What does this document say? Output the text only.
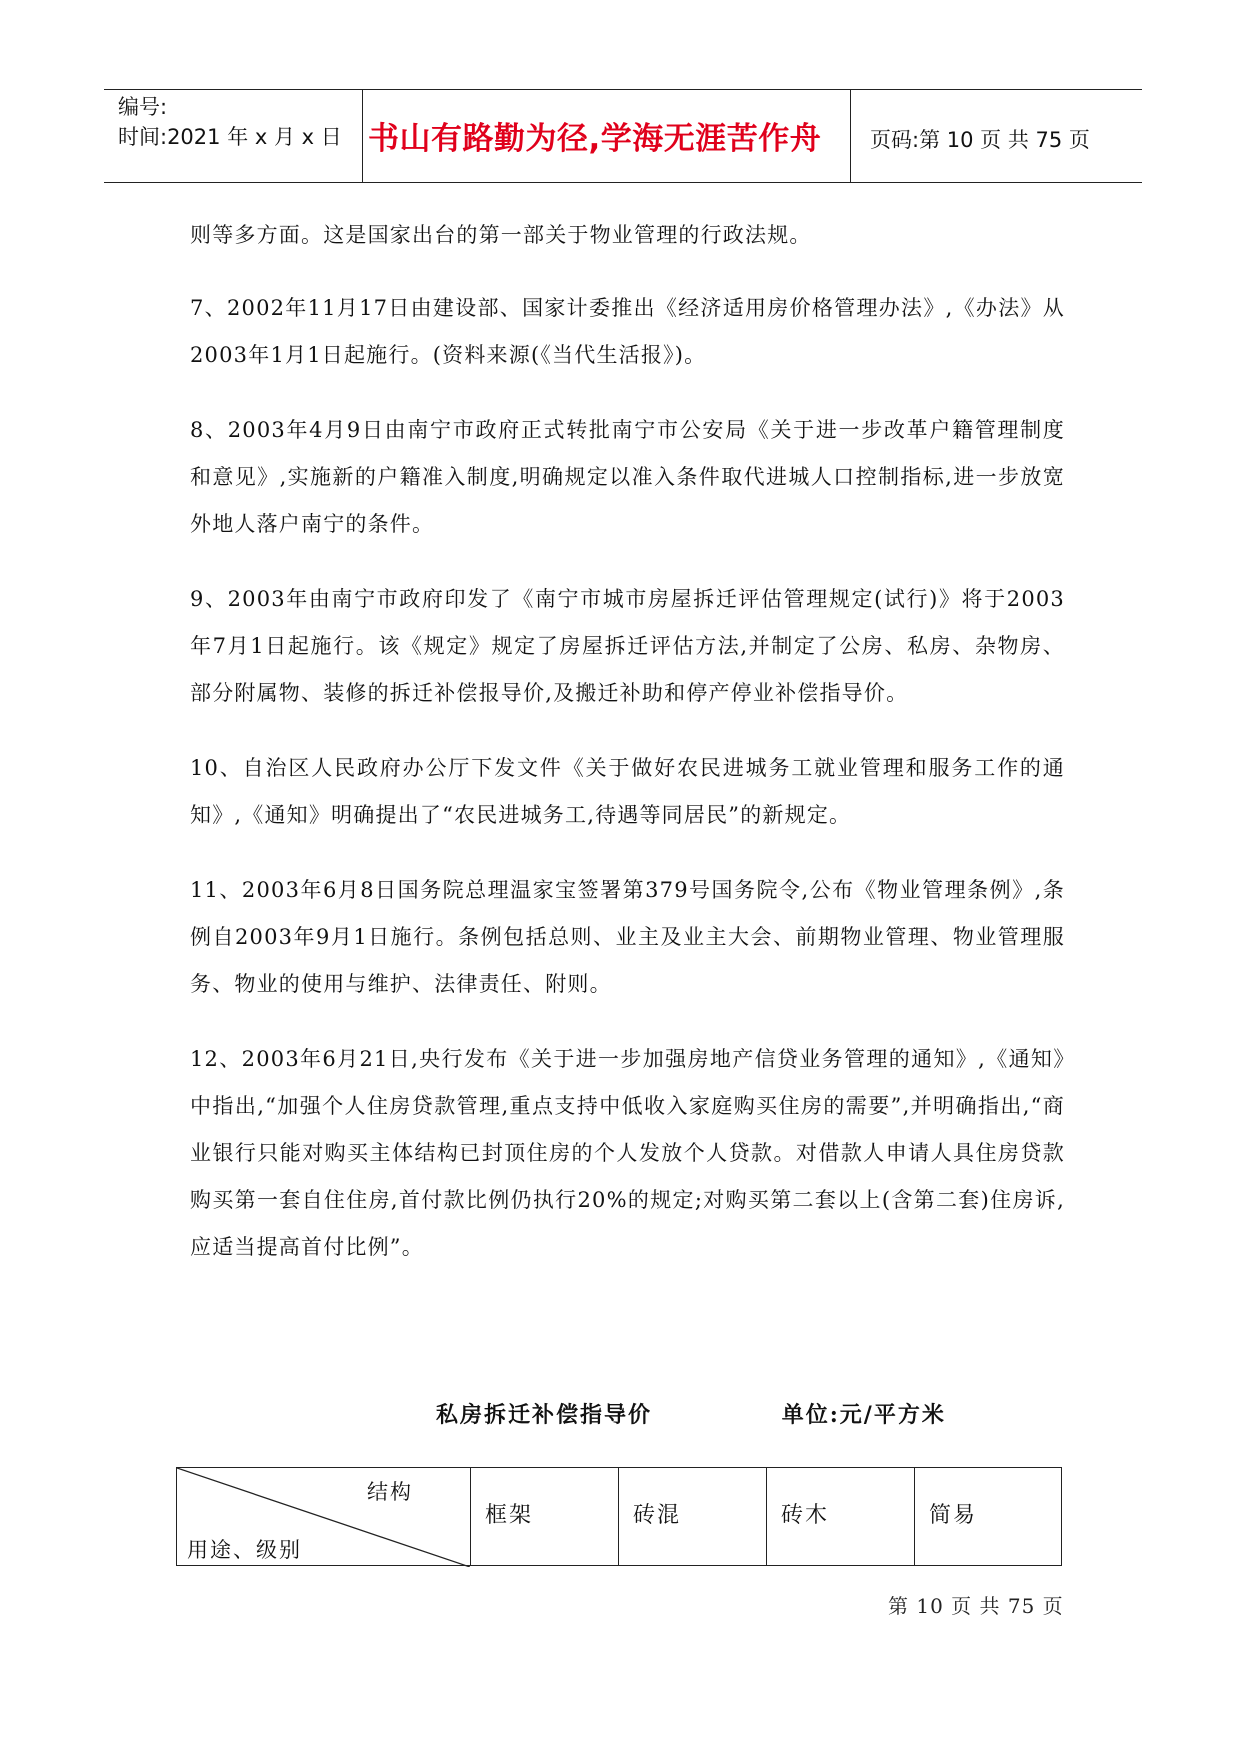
编号:
时间:2021 年 x 月 x 日 书山有路勤为径,学海无涯苦作舟	页码:第 10 页 共 75 页

则等多方面。这是国家出台的第一部关于物业管理的行政法规。

7、2002年11月17日由建设部、国家计委推出《经济适用房价格管理办法》,《办法》从2003年1月1日起施行。(资料来源(《当代生活报》)。

8、2003年4月9日由南宁市政府正式转批南宁市公安局《关于进一步改革户籍管理制度和意见》,实施新的户籍准入制度,明确规定以准入条件取代进城人口控制指标,进一步放宽外地人落户南宁的条件。

9、2003年由南宁市政府印发了《南宁市城市房屋拆迁评估管理规定(试行)》将于2003年7月1日起施行。该《规定》规定了房屋拆迁评估方法,并制定了公房、私房、杂物房、部分附属物、装修的拆迁补偿报导价,及搬迁补助和停产停业补偿指导价。

10、自治区人民政府办公厅下发文件《关于做好农民进城务工就业管理和服务工作的通知》,《通知》明确提出了“农民进城务工,待遇等同居民”的新规定。

11、2003年6月8日国务院总理温家宝签署第379号国务院令,公布《物业管理条例》,条例自2003年9月1日施行。条例包括总则、业主及业主大会、前期物业管理、物业管理服务、物业的使用与维护、法律责任、附则。

12、2003年6月21日,央行发布《关于进一步加强房地产信贷业务管理的通知》,《通知》中指出,“加强个人住房贷款管理,重点支持中低收入家庭购买住房的需要”,并明确指出,“商业银行只能对购买主体结构已封顶住房的个人发放个人贷款。对借款人申请人具住房贷款购买第一套自住住房,首付款比例仍执行20%的规定;对购买第二套以上(含第二套)住房诉,应适当提高首付比例”。

私房拆迁补偿指导价	单位:元/平方米
结构
用途、级别
框架	砖混	砖木	简易
第 10 页 共 75 页
